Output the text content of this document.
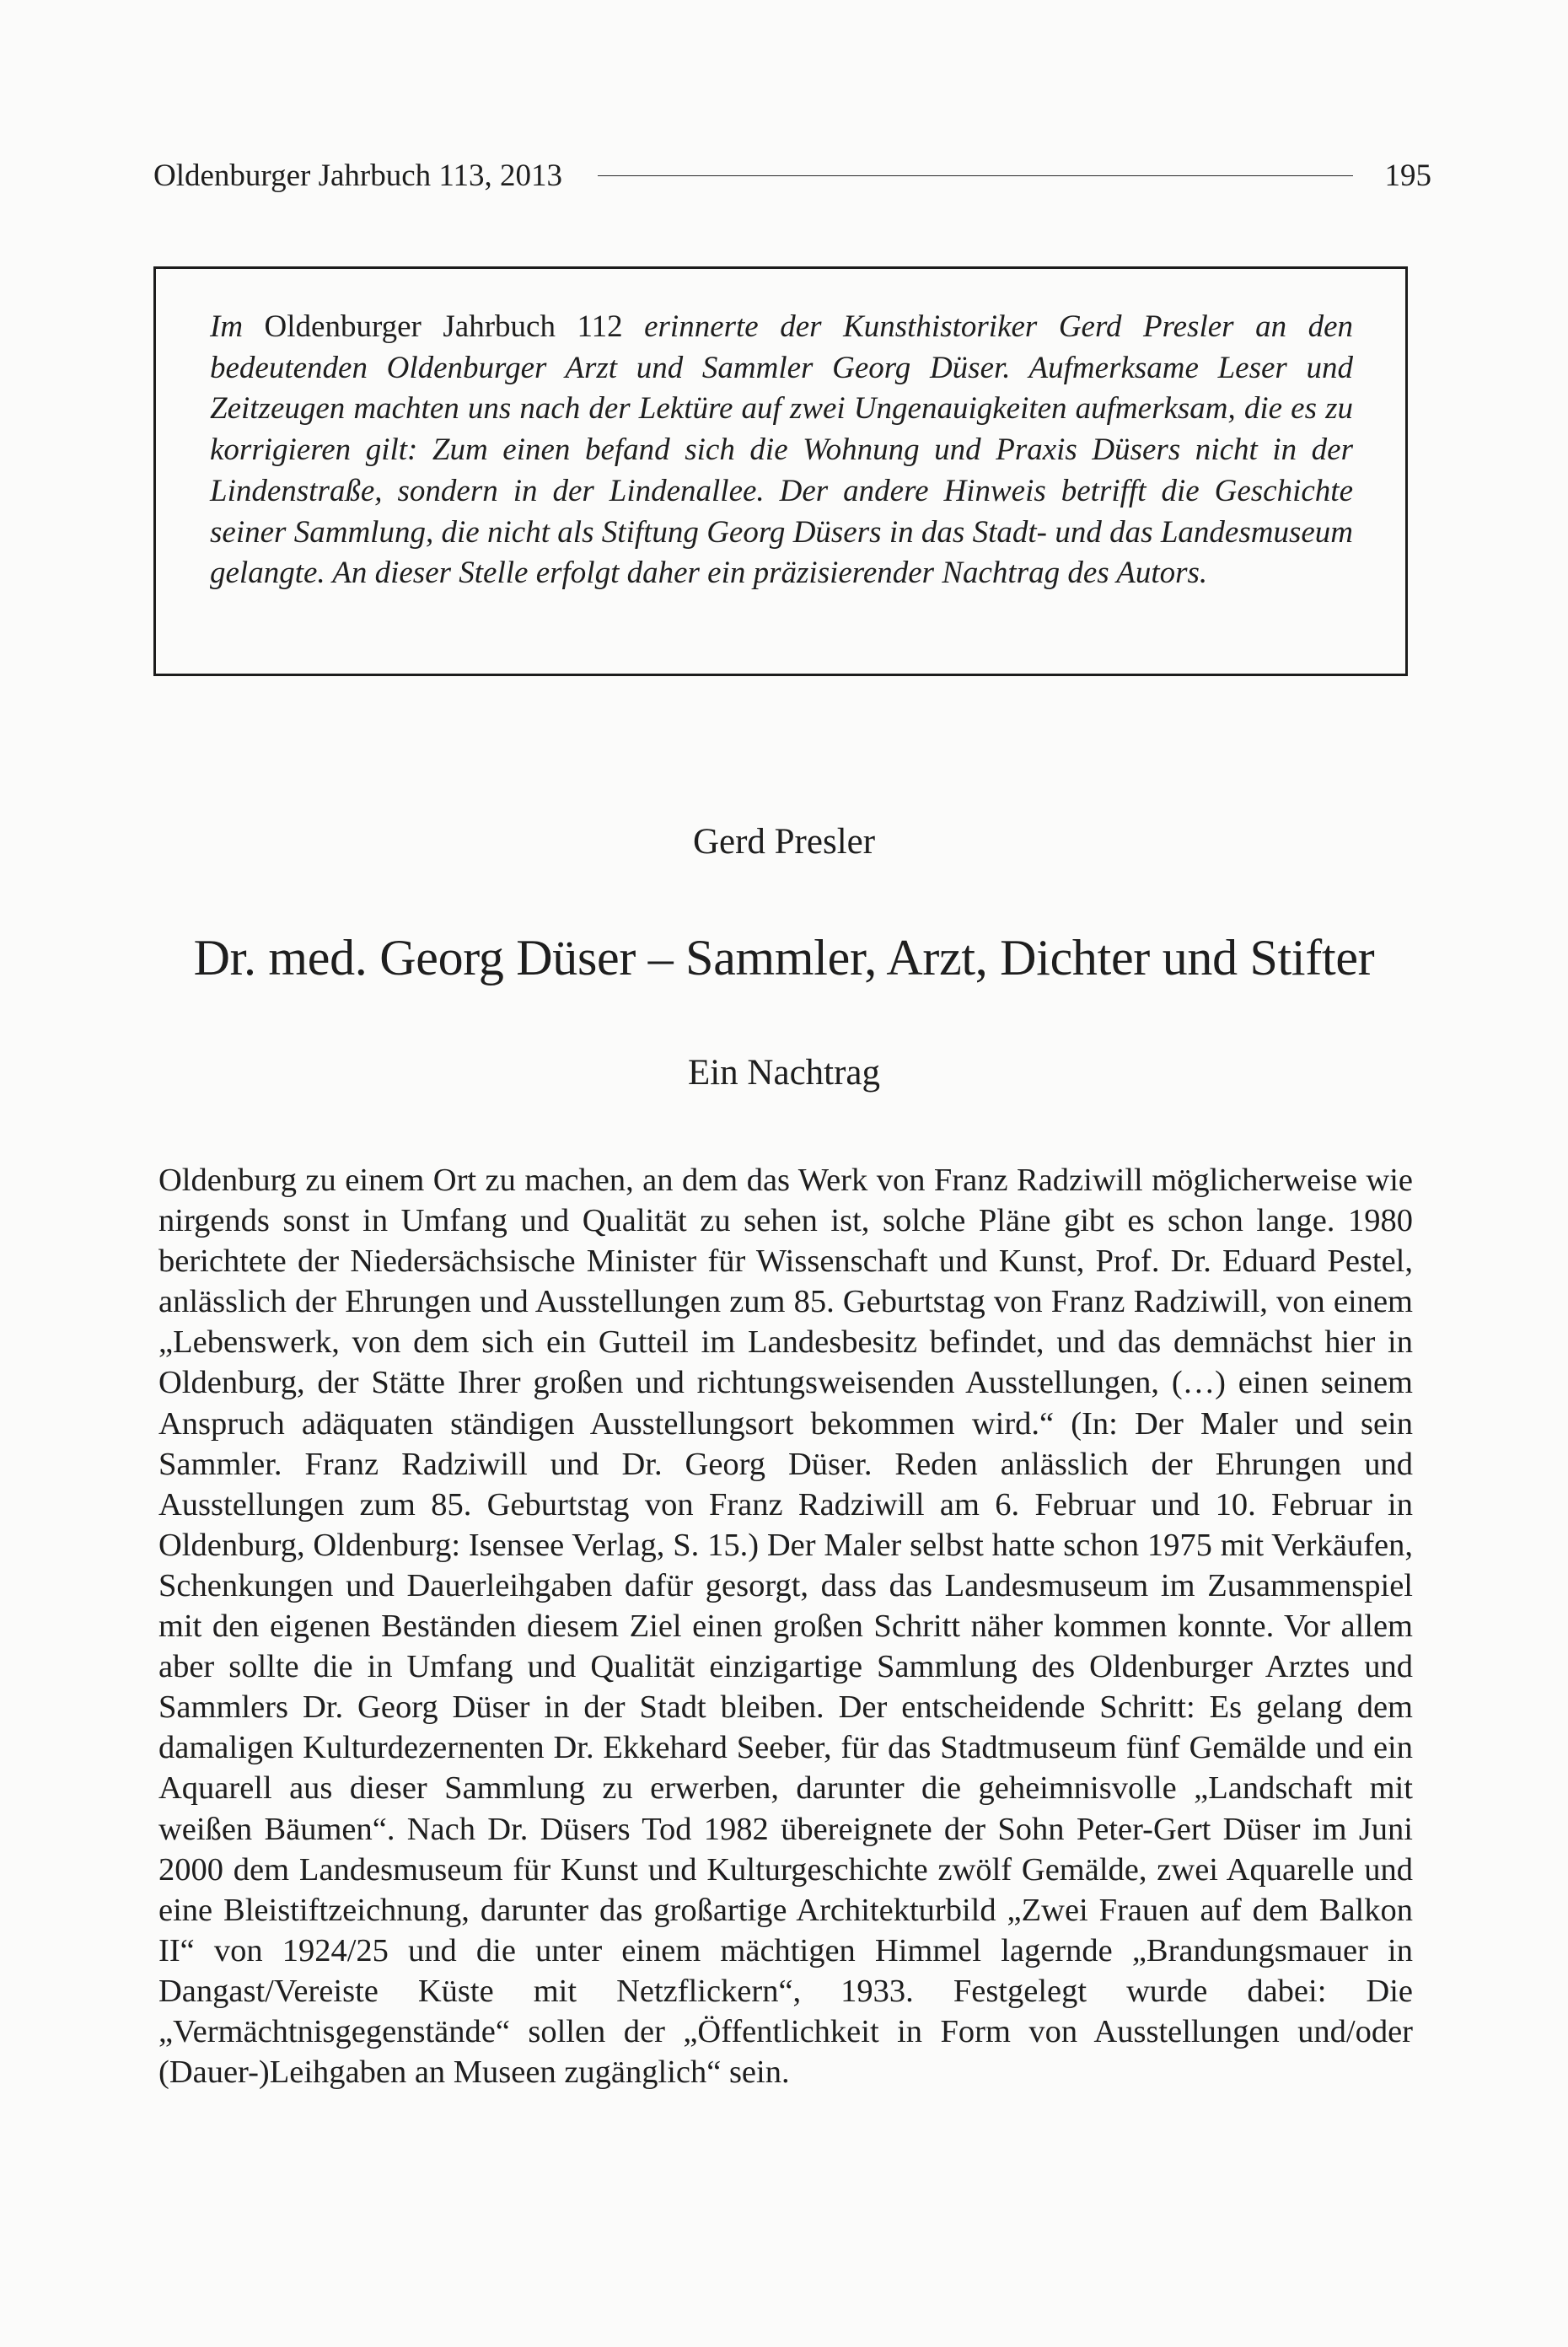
Oldenburger Jahrbuch 113, 2013	195
Im Oldenburger Jahrbuch 112 erinnerte der Kunsthistoriker Gerd Presler an den bedeutenden Oldenburger Arzt und Sammler Georg Düser. Aufmerksame Leser und Zeitzeugen machten uns nach der Lektüre auf zwei Ungenauigkeiten aufmerksam, die es zu korrigieren gilt: Zum einen befand sich die Wohnung und Praxis Düsers nicht in der Lindenstraße, sondern in der Lindenallee. Der andere Hinweis betrifft die Geschichte seiner Sammlung, die nicht als Stiftung Georg Düsers in das Stadt- und das Landesmuseum gelangte. An dieser Stelle erfolgt daher ein präzisierender Nachtrag des Autors.
Gerd Presler
Dr. med. Georg Düser – Sammler, Arzt, Dichter und Stifter
Ein Nachtrag
Oldenburg zu einem Ort zu machen, an dem das Werk von Franz Radziwill möglicherweise wie nirgends sonst in Umfang und Qualität zu sehen ist, solche Pläne gibt es schon lange. 1980 berichtete der Niedersächsische Minister für Wissenschaft und Kunst, Prof. Dr. Eduard Pestel, anlässlich der Ehrungen und Ausstellungen zum 85. Geburtstag von Franz Radziwill, von einem „Lebenswerk, von dem sich ein Gutteil im Landesbesitz befindet, und das demnächst hier in Oldenburg, der Stätte Ihrer großen und richtungsweisenden Ausstellungen, (…) einen seinem Anspruch adäquaten ständigen Ausstellungsort bekommen wird.“ (In: Der Maler und sein Sammler. Franz Radziwill und Dr. Georg Düser. Reden anlässlich der Ehrungen und Ausstellungen zum 85. Geburtstag von Franz Radziwill am 6. Februar und 10. Februar in Oldenburg, Oldenburg: Isensee Verlag, S. 15.) Der Maler selbst hatte schon 1975 mit Verkäufen, Schenkungen und Dauerleihgaben dafür gesorgt, dass das Landesmuseum im Zusammenspiel mit den eigenen Beständen diesem Ziel einen großen Schritt näher kommen konnte. Vor allem aber sollte die in Umfang und Qualität einzigartige Sammlung des Oldenburger Arztes und Sammlers Dr. Georg Düser in der Stadt bleiben. Der entscheidende Schritt: Es gelang dem damaligen Kulturdezernenten Dr. Ekkehard Seeber, für das Stadtmuseum fünf Gemälde und ein Aquarell aus dieser Sammlung zu erwerben, darunter die geheimnisvolle „Landschaft mit weißen Bäumen“. Nach Dr. Düsers Tod 1982 übereignete der Sohn Peter-Gert Düser im Juni 2000 dem Landesmuseum für Kunst und Kulturgeschichte zwölf Gemälde, zwei Aquarelle und eine Bleistiftzeichnung, darunter das großartige Architekturbild „Zwei Frauen auf dem Balkon II“ von 1924/25 und die unter einem mächtigen Himmel lagernde „Brandungsmauer in Dangast/Vereiste Küste mit Netzflickern“, 1933. Festgelegt wurde dabei: Die „Vermächtnisgegenstände“ sollen der „Öffentlichkeit in Form von Ausstellungen und/oder (Dauer-)Leihgaben an Museen zugänglich“ sein.
